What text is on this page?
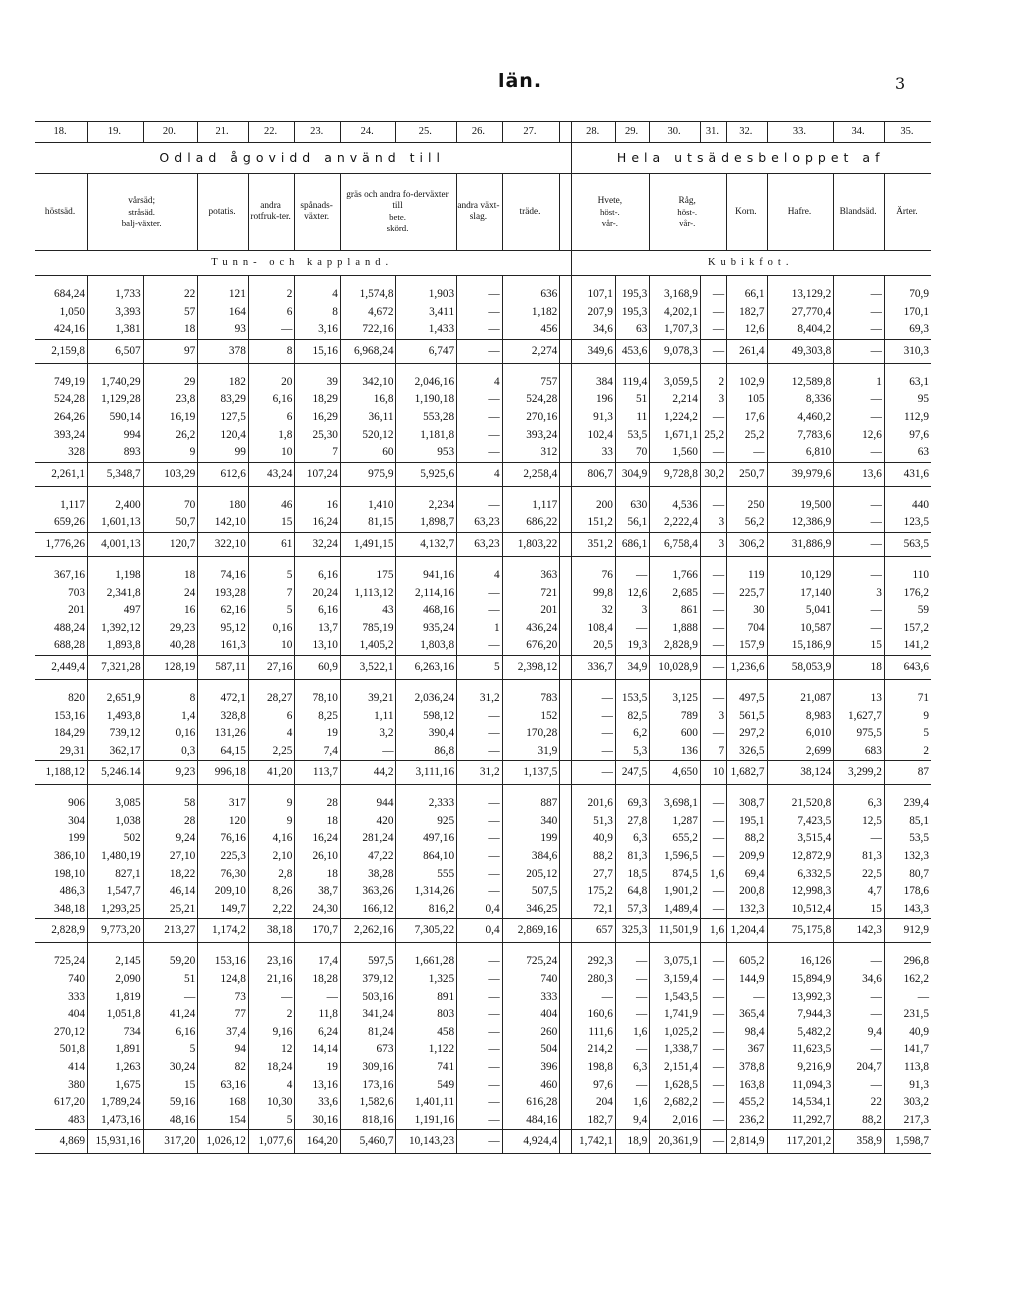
län.	3
18.	19.	20.	21.	22.	23.	24.	25.	26.	27.		28.	29.	30.	31.	32.	33.	34.	35.
Odlad ågovidd använd till											Hela utsädesbeloppet af							
höstsäd.	vårsäd;
stråsäd.
balj-växter.		potatis.	andra rotfruk-ter.	spånads-växter.	gräs och andra fo-derväxter till
bete.
skörd.		andra växt-slag.	träde.		Hvete,
höst-.
vår-.		Råg,
höst-.
vår-.		Korn.	Hafre.	Blandsäd.	Ärter.
Tunn- och kappland.											Kubikfot.							

684,24	1,733	22	121	2	4	1,574,8	1,903	—	636		107,1	195,3	3,168,9	—	66,1	13,129,2	—	70,9
1,050	3,393	57	164	6	8	4,672	3,411	—	1,182		207,9	195,3	4,202,1	—	182,7	27,770,4	—	170,1
424,16	1,381	18	93	—	3,16	722,16	1,433	—	456		34,6	63	1,707,3	—	12,6	8,404,2	—	69,3
2,159,8	6,507	97	378	8	15,16	6,968,24	6,747	—	2,274		349,6	453,6	9,078,3	—	261,4	49,303,8	—	310,3

749,19	1,740,29	29	182	20	39	342,10	2,046,16	4	757		384	119,4	3,059,5	2	102,9	12,589,8	1	63,1
524,28	1,129,28	23,8	83,29	6,16	18,29	16,8	1,190,18	—	524,28		196	51	2,214	3	105	8,336	—	95
264,26	590,14	16,19	127,5	6	16,29	36,11	553,28	—	270,16		91,3	11	1,224,2	—	17,6	4,460,2	—	112,9
393,24	994	26,2	120,4	1,8	25,30	520,12	1,181,8	—	393,24		102,4	53,5	1,671,1	25,2	25,2	7,783,6	12,6	97,6
328	893	9	99	10	7	60	953	—	312		33	70	1,560	—	—	6,810	—	63
2,261,1	5,348,7	103,29	612,6	43,24	107,24	975,9	5,925,6	4	2,258,4		806,7	304,9	9,728,8	30,2	250,7	39,979,6	13,6	431,6

1,117	2,400	70	180	46	16	1,410	2,234	—	1,117		200	630	4,536	—	250	19,500	—	440
659,26	1,601,13	50,7	142,10	15	16,24	81,15	1,898,7	63,23	686,22		151,2	56,1	2,222,4	3	56,2	12,386,9	—	123,5
1,776,26	4,001,13	120,7	322,10	61	32,24	1,491,15	4,132,7	63,23	1,803,22		351,2	686,1	6,758,4	3	306,2	31,886,9	—	563,5

367,16	1,198	18	74,16	5	6,16	175	941,16	4	363		76	—	1,766	—	119	10,129	—	110
703	2,341,8	24	193,28	7	20,24	1,113,12	2,114,16	—	721		99,8	12,6	2,685	—	225,7	17,140	3	176,2
201	497	16	62,16	5	6,16	43	468,16	—	201		32	3	861	—	30	5,041	—	59
488,24	1,392,12	29,23	95,12	0,16	13,7	785,19	935,24	1	436,24		108,4	—	1,888	—	704	10,587	—	157,2
688,28	1,893,8	40,28	161,3	10	13,10	1,405,2	1,803,8	—	676,20		20,5	19,3	2,828,9	—	157,9	15,186,9	15	141,2
2,449,4	7,321,28	128,19	587,11	27,16	60,9	3,522,1	6,263,16	5	2,398,12		336,7	34,9	10,028,9	—	1,236,6	58,053,9	18	643,6

820	2,651,9	8	472,1	28,27	78,10	39,21	2,036,24	31,2	783		—	153,5	3,125	—	497,5	21,087	13	71
153,16	1,493,8	1,4	328,8	6	8,25	1,11	598,12	—	152		—	82,5	789	3	561,5	8,983	1,627,7	9
184,29	739,12	0,16	131,26	4	19	3,2	390,4	—	170,28		—	6,2	600	—	297,2	6,010	975,5	5
29,31	362,17	0,3	64,15	2,25	7,4	—	86,8	—	31,9		—	5,3	136	7	326,5	2,699	683	2
1,188,12	5,246.14	9,23	996,18	41,20	113,7	44,2	3,111,16	31,2	1,137,5		—	247,5	4,650	10	1,682,7	38,124	3,299,2	87

906	3,085	58	317	9	28	944	2,333	—	887		201,6	69,3	3,698,1	—	308,7	21,520,8	6,3	239,4
304	1,038	28	120	9	18	420	925	—	340		51,3	27,8	1,287	—	195,1	7,423,5	12,5	85,1
199	502	9,24	76,16	4,16	16,24	281,24	497,16	—	199		40,9	6,3	655,2	—	88,2	3,515,4	—	53,5
386,10	1,480,19	27,10	225,3	2,10	26,10	47,22	864,10	—	384,6		88,2	81,3	1,596,5	—	209,9	12,872,9	81,3	132,3
198,10	827,1	18,22	76,30	2,8	18	38,28	555	—	205,12		27,7	18,5	874,5	1,6	69,4	6,332,5	22,5	80,7
486,3	1,547,7	46,14	209,10	8,26	38,7	363,26	1,314,26	—	507,5		175,2	64,8	1,901,2	—	200,8	12,998,3	4,7	178,6
348,18	1,293,25	25,21	149,7	2,22	24,30	166,12	816,2	0,4	346,25		72,1	57,3	1,489,4	—	132,3	10,512,4	15	143,3
2,828,9	9,773,20	213,27	1,174,2	38,18	170,7	2,262,16	7,305,22	0,4	2,869,16		657	325,3	11,501,9	1,6	1,204,4	75,175,8	142,3	912,9

725,24	2,145	59,20	153,16	23,16	17,4	597,5	1,661,28	—	725,24		292,3	—	3,075,1	—	605,2	16,126	—	296,8
740	2,090	51	124,8	21,16	18,28	379,12	1,325	—	740		280,3	—	3,159,4	—	144,9	15,894,9	34,6	162,2
333	1,819	—	73	—	—	503,16	891	—	333		—	—	1,543,5	—	—	13,992,3	—	—
404	1,051,8	41,24	77	2	11,8	341,24	803	—	404		160,6	—	1,741,9	—	365,4	7,944,3	—	231,5
270,12	734	6,16	37,4	9,16	6,24	81,24	458	—	260		111,6	1,6	1,025,2	—	98,4	5,482,2	9,4	40,9
501,8	1,891	5	94	12	14,14	673	1,122	—	504		214,2	—	1,338,7	—	367	11,623,5	—	141,7
414	1,263	30,24	82	18,24	19	309,16	741	—	396		198,8	6,3	2,151,4	—	378,8	9,216,9	204,7	113,8
380	1,675	15	63,16	4	13,16	173,16	549	—	460		97,6	—	1,628,5	—	163,8	11,094,3	—	91,3
617,20	1,789,24	59,16	168	10,30	33,6	1,582,6	1,401,11	—	616,28		204	1,6	2,682,2	—	455,2	14,534,1	22	303,2
483	1,473,16	48,16	154	5	30,16	818,16	1,191,16	—	484,16		182,7	9,4	2,016	—	236,2	11,292,7	88,2	217,3
4,869	15,931,16	317,20	1,026,12	1,077,6	164,20	5,460,7	10,143,23	—	4,924,4		1,742,1	18,9	20,361,9	—	2,814,9	117,201,2	358,9	1,598,7
